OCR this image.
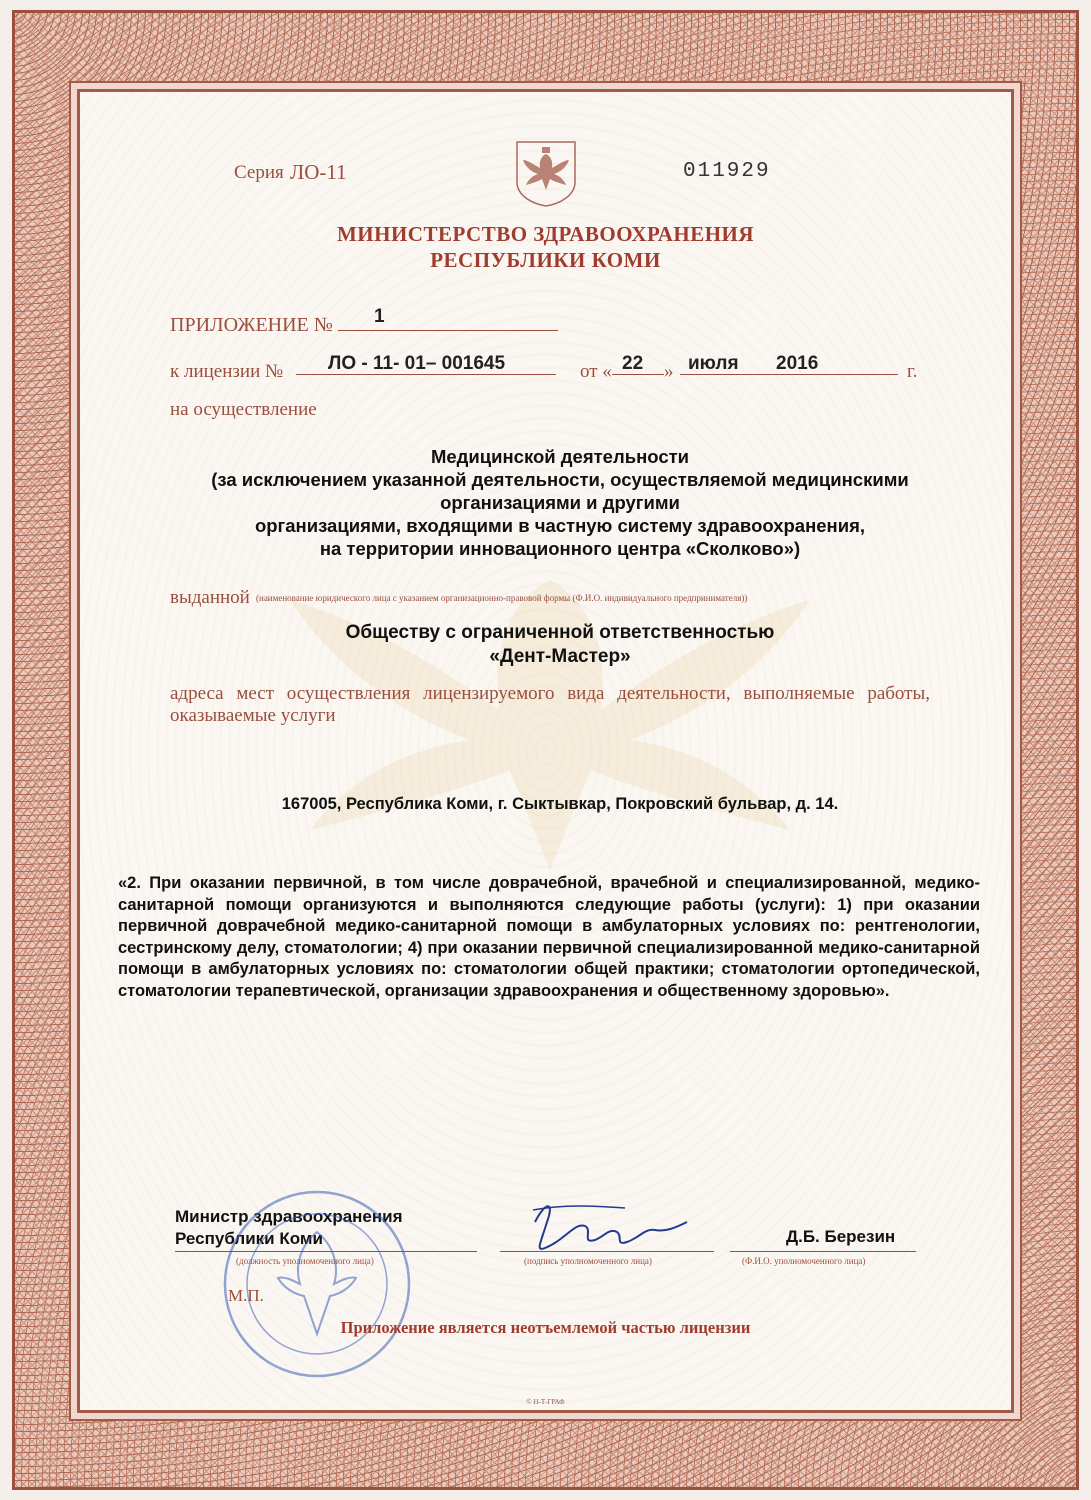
Серия ЛО-11	011929
МИНИСТЕРСТВО ЗДРАВООХРАНЕНИЯ
РЕСПУБЛИКИ КОМИ
ПРИЛОЖЕНИЕ № 1
к лицензии № ЛО - 11- 01– 001645	от « 22 » июля 2016	г.
на осуществление
Медицинской деятельности
(за исключением указанной деятельности, осуществляемой медицинскими
организациями и другими
организациями, входящими в частную систему здравоохранения,
на территории инновационного центра «Сколково»)
выданной (наименование юридического лица с указанием организационно-правовой формы (Ф.И.О. индивидуального предпринимателя))
Обществу с ограниченной ответственностью
«Дент-Мастер»
адреса мест осуществления лицензируемого вида деятельности, выполняемые работы, оказываемые услуги
167005, Республика Коми, г. Сыктывкар, Покровский бульвар, д. 14.
«2. При оказании первичной, в том числе доврачебной, врачебной и специализированной, медико-санитарной помощи организуются и выполняются следующие работы (услуги): 1) при оказании первичной доврачебной медико-санитарной помощи в амбулаторных условиях по: рентгенологии, сестринскому делу, стоматологии; 4) при оказании первичной специализированной медико-санитарной помощи в амбулаторных условиях по: стоматологии общей практики; стоматологии ортопедической, стоматологии терапевтической, организации здравоохранения и общественному здоровью».
Министр здравоохранения
Республики Коми
(должность уполномоченного лица)	(подпись уполномоченного лица)
Д.Б. Березин
(Ф.И.О. уполномоченного лица)
М.П.
Приложение является неотъемлемой частью лицензии
© Н-Т-ГРАФ
